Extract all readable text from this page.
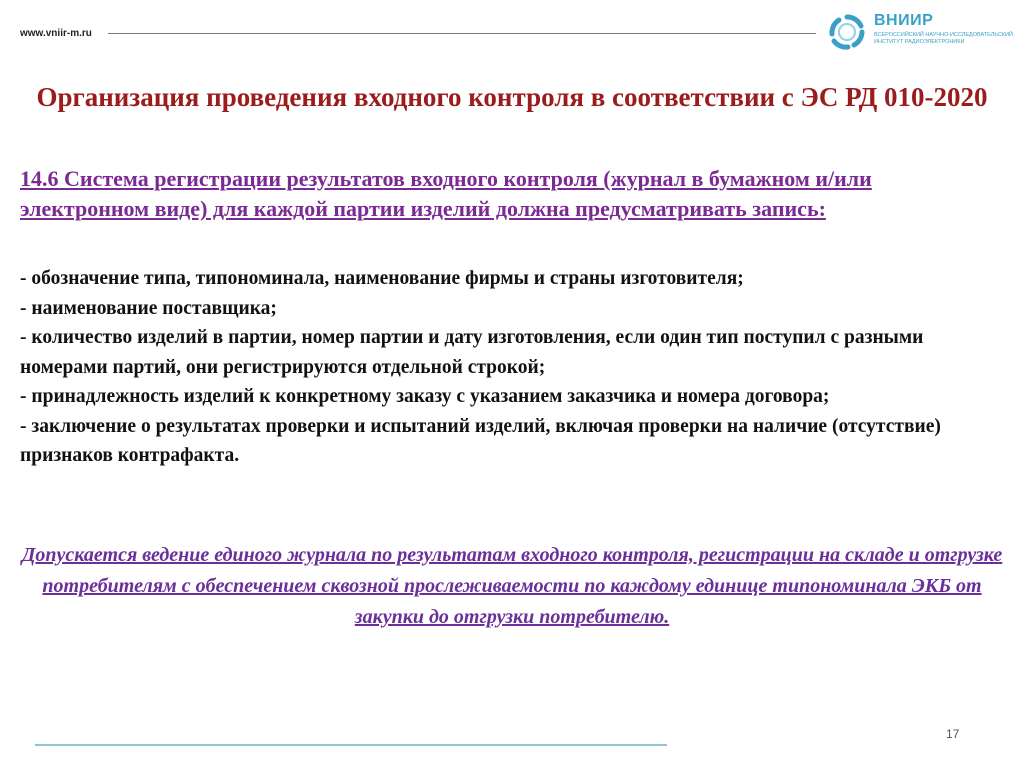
www.vniir-m.ru
ВНИИР
ВСЕРОССИЙСКИЙ НАУЧНО-ИССЛЕДОВАТЕЛЬСКИЙ ИНСТИТУТ РАДИОЭЛЕКТРОНИКИ
Организация проведения входного контроля в соответствии с ЭС РД 010-2020
14.6 Система регистрации результатов входного контроля (журнал в бумажном и/или электронном виде) для каждой партии изделий должна предусматривать запись:
- обозначение типа, типономинала, наименование фирмы и страны изготовителя;
- наименование поставщика;
- количество изделий в партии, номер партии и дату изготовления, если один тип поступил с разными номерами партий, они регистрируются отдельной строкой;
- принадлежность изделий к конкретному заказу с указанием заказчика и номера договора;
- заключение о результатах проверки и испытаний изделий, включая проверки на наличие (отсутствие) признаков контрафакта.
Допускается ведение единого журнала по результатам входного контроля, регистрации на складе и отгрузке потребителям с обеспечением сквозной прослеживаемости по каждому единице типономинала ЭКБ от закупки до отгрузки потребителю.
17
